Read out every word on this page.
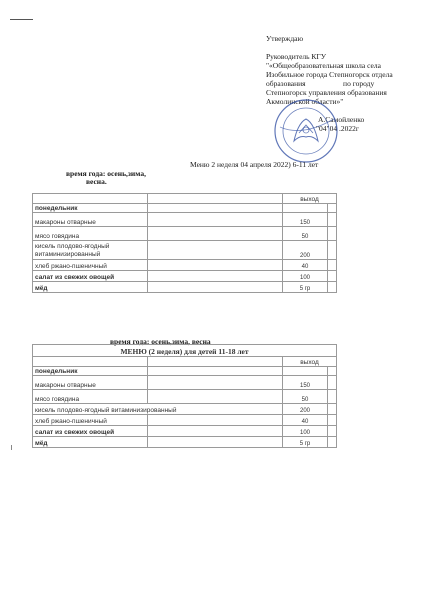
Утверждаю

Руководитель КГУ
"«Общеобразовательная школа села
Изобильное города Степногорск отдела
образования                    по городу
Степногорск управления образования
Акмолинской области»"

А.Самойленко
"04"04 .2022г
Меню 2 неделя 04 апреля 2022) 6-11 лет
время года: осень,зима,
весна.
		выход	
понедельник			
макароны отварные		150	
мясо говядина		50	
кисель плодово-ягодный витаминизированный		200	
хлеб ржано-пшеничный		40	
салат из свежих овощей		100	
мёд		5 гр	
время года: осень,зима, весна
МЕНЮ (2 неделя) для детей 11-18 лет			
		выход	
понедельник			
макароны отварные		150	
мясо говядина		50	
кисель плодово-ягодный витаминизированный		200	
хлеб ржано-пшеничный		40	
салат из свежих овощей		100	
мёд		5 гр	
